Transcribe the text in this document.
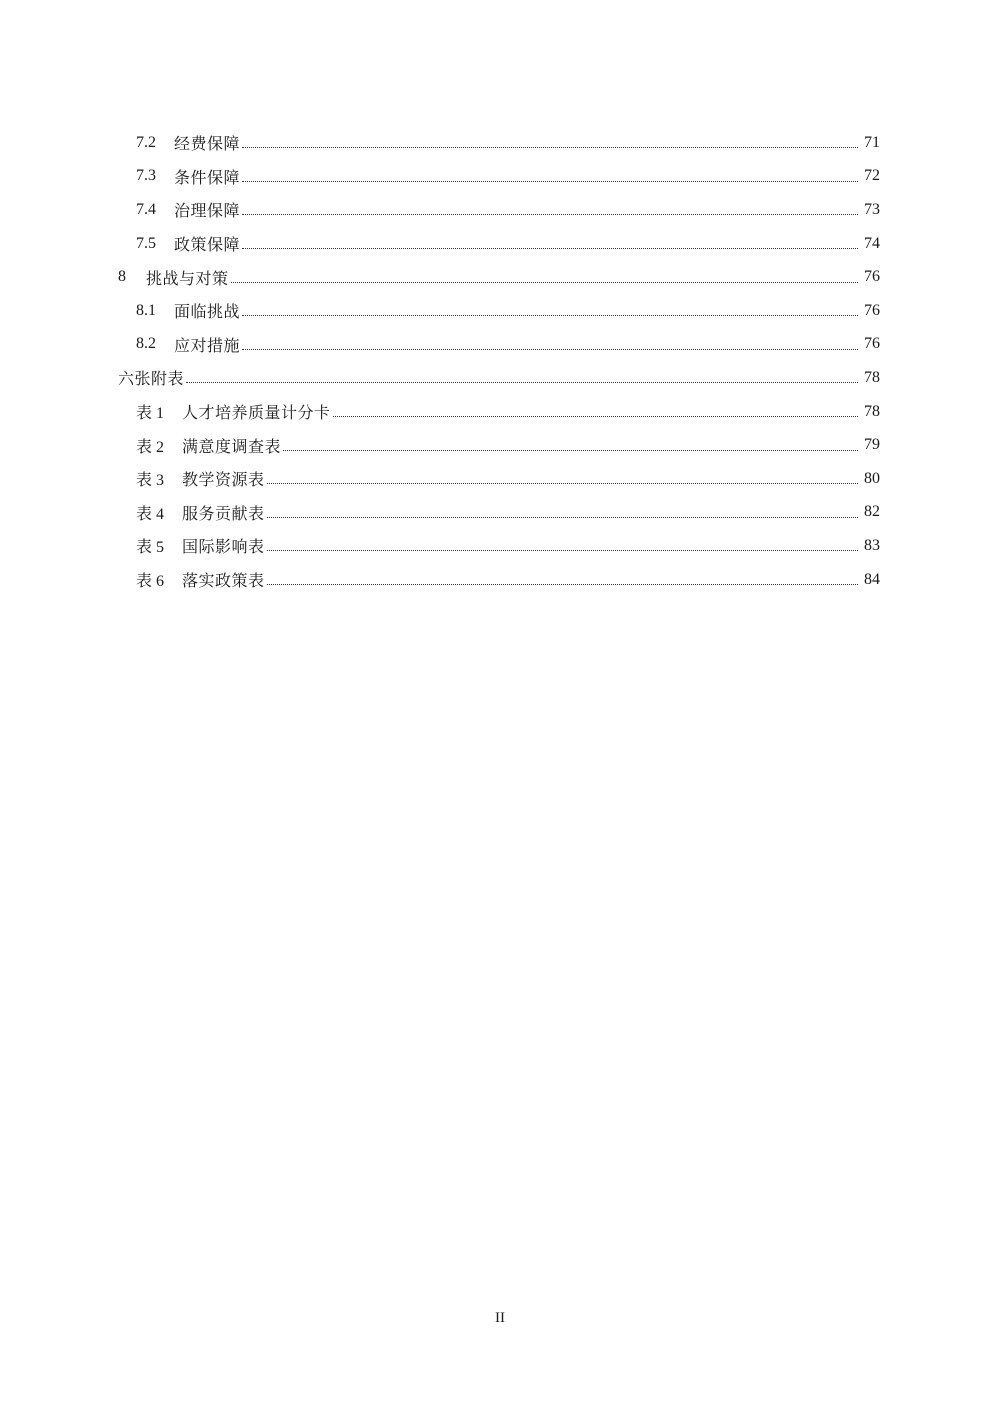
7.2	经费保障	71
7.3	条件保障	72
7.4	治理保障	73
7.5	政策保障	74
8	挑战与对策	76
8.1	面临挑战	76
8.2	应对措施	76
六张附表	78
表 1	人才培养质量计分卡	78
表 2	满意度调查表	79
表 3	教学资源表	80
表 4	服务贡献表	82
表 5	国际影响表	83
表 6	落实政策表	84
II
